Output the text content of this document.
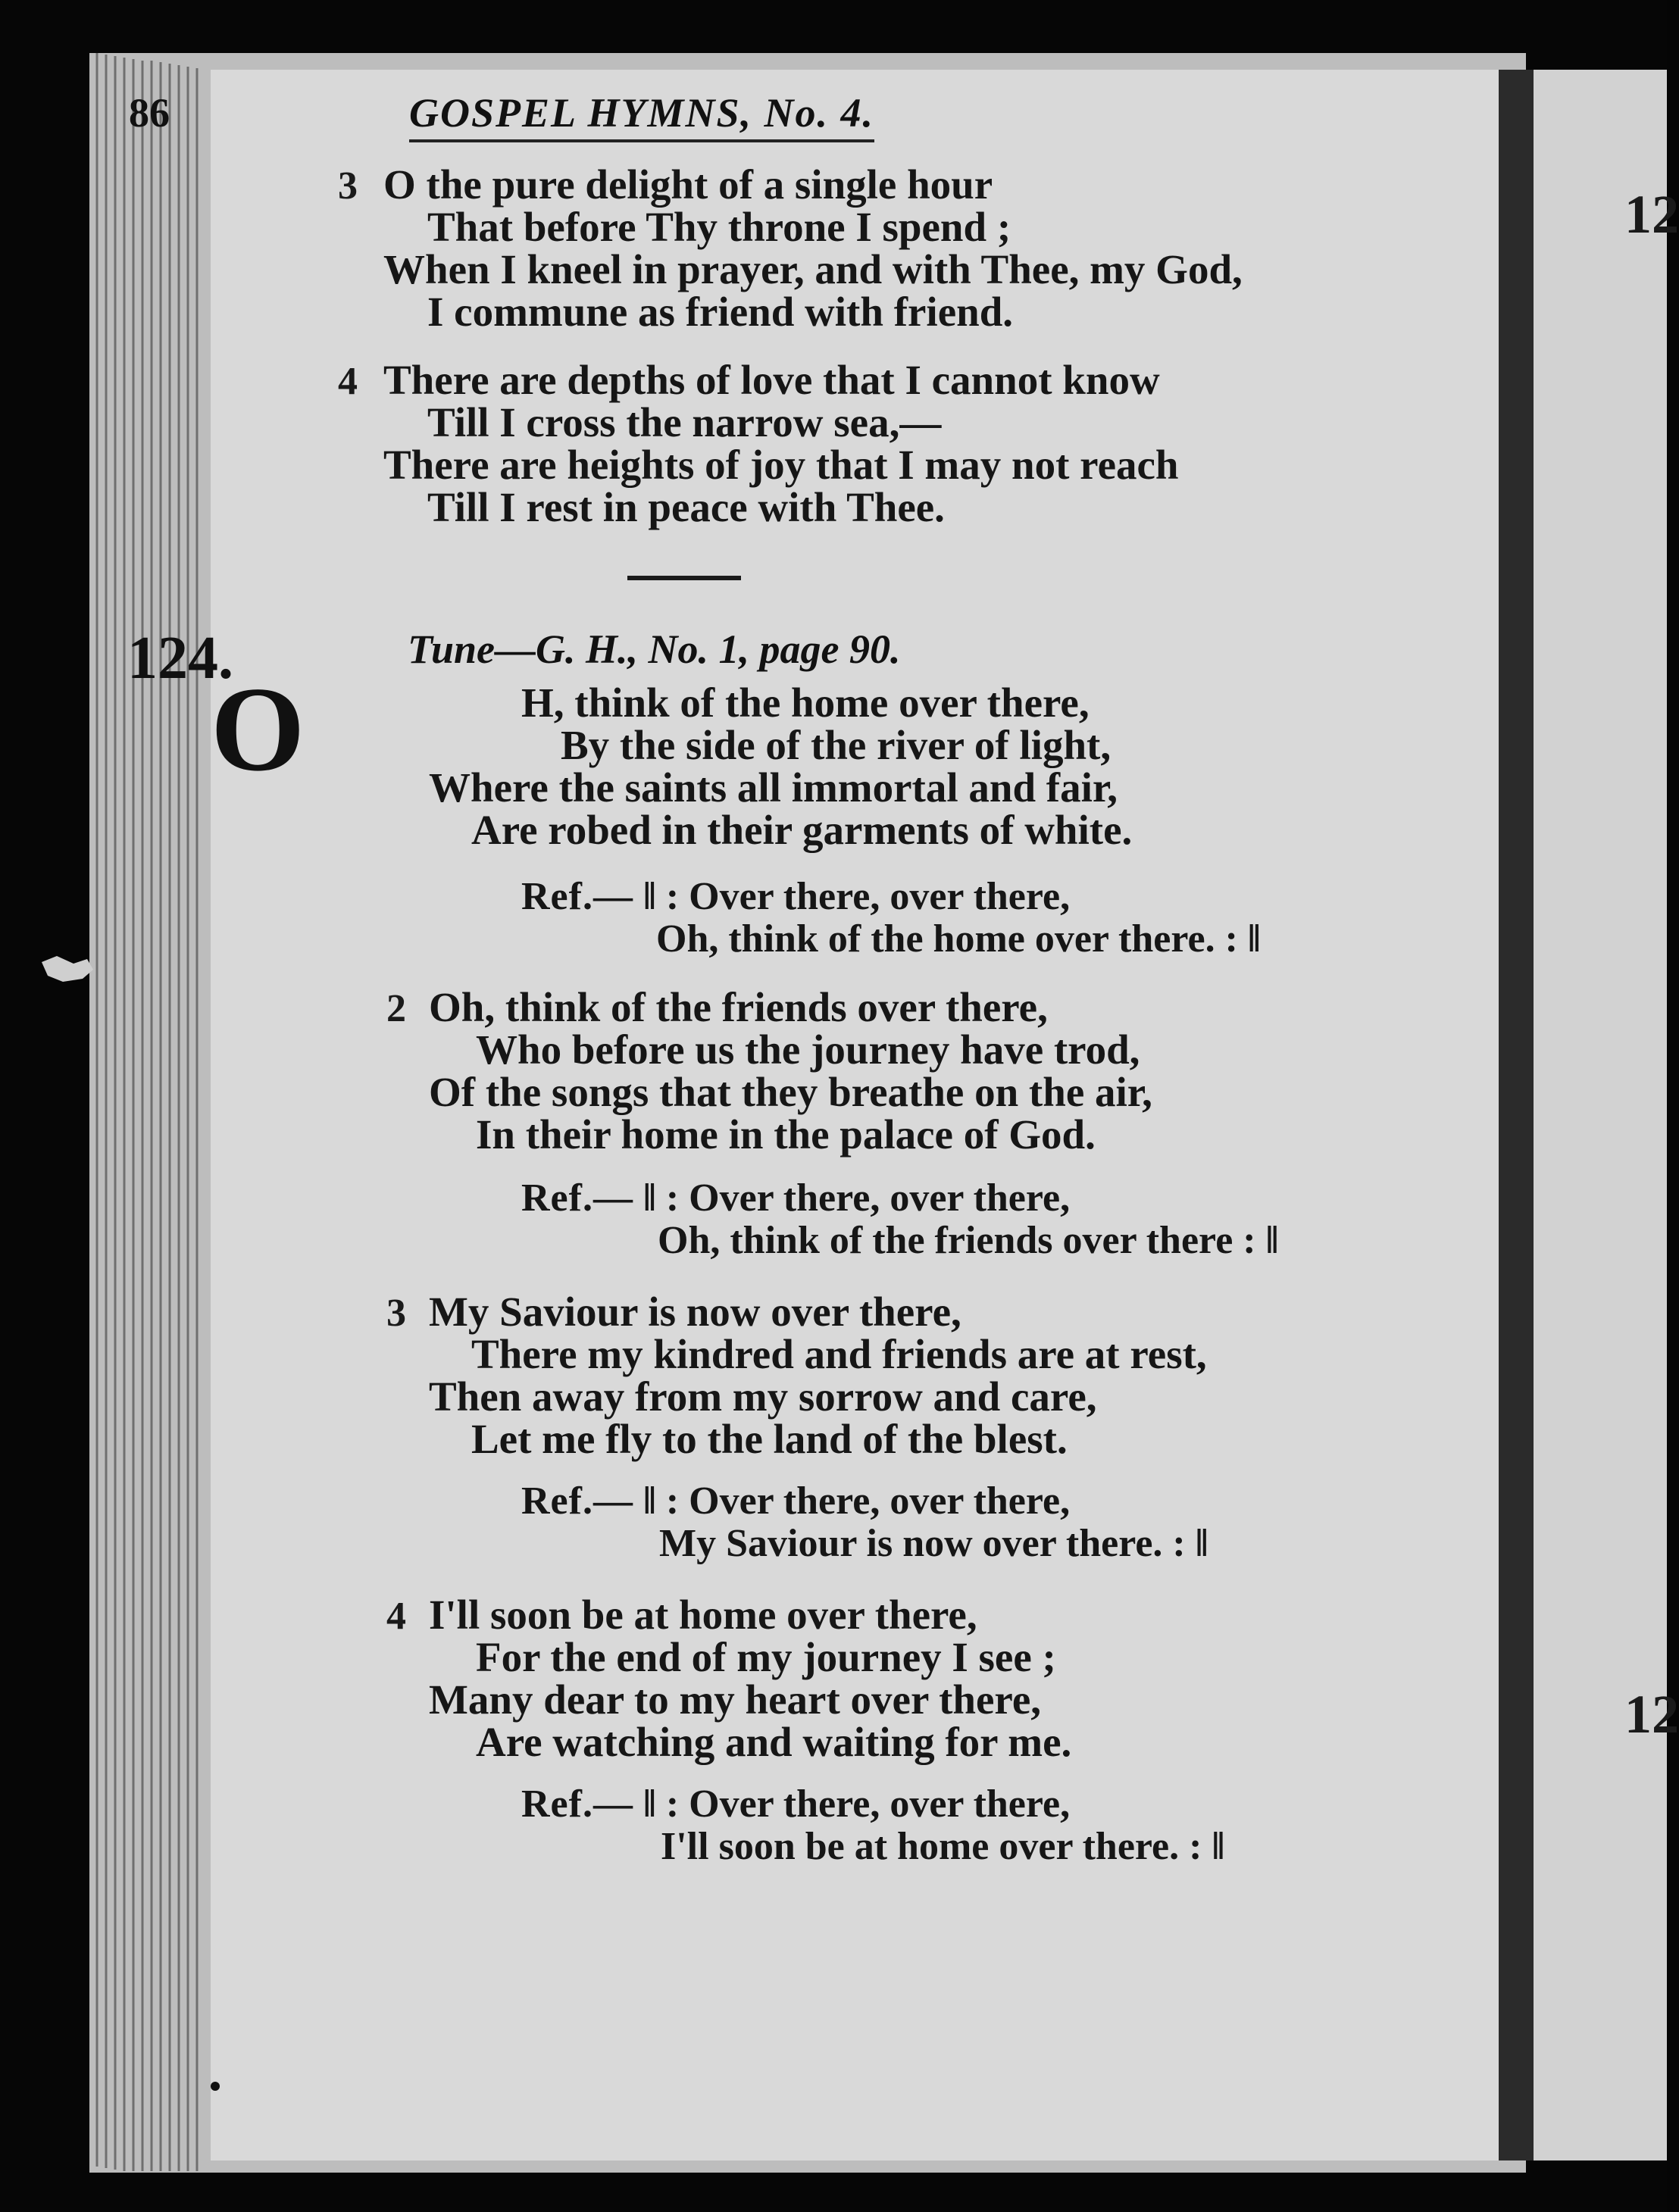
12
12
86	GOSPEL HYMNS, No. 4.
3 O the pure delight of a single hour
That before Thy throne I spend ;
When I kneel in prayer, and with Thee, my God,
I commune as friend with friend.
4 There are depths of love that I cannot know
Till I cross the narrow sea,—
There are heights of joy that I may not reach
Till I rest in peace with Thee.
124.	Tune—G. H., No. 1, page 90.
O	H, think of the home over there,
By the side of the river of light,
Where the saints all immortal and fair,
Are robed in their garments of white.
Ref.— ‖ : Over there, over there,
Oh, think of the home over there. : ‖
2 Oh, think of the friends over there,
Who before us the journey have trod,
Of the songs that they breathe on the air,
In their home in the palace of God.
Ref.— ‖ : Over there, over there,
Oh, think of the friends over there : ‖
3 My Saviour is now over there,
There my kindred and friends are at rest,
Then away from my sorrow and care,
Let me fly to the land of the blest.
Ref.— ‖ : Over there, over there,
My Saviour is now over there. : ‖
4 I'll soon be at home over there,
For the end of my journey I see ;
Many dear to my heart over there,
Are watching and waiting for me.
Ref.— ‖ : Over there, over there,
I'll soon be at home over there. : ‖
